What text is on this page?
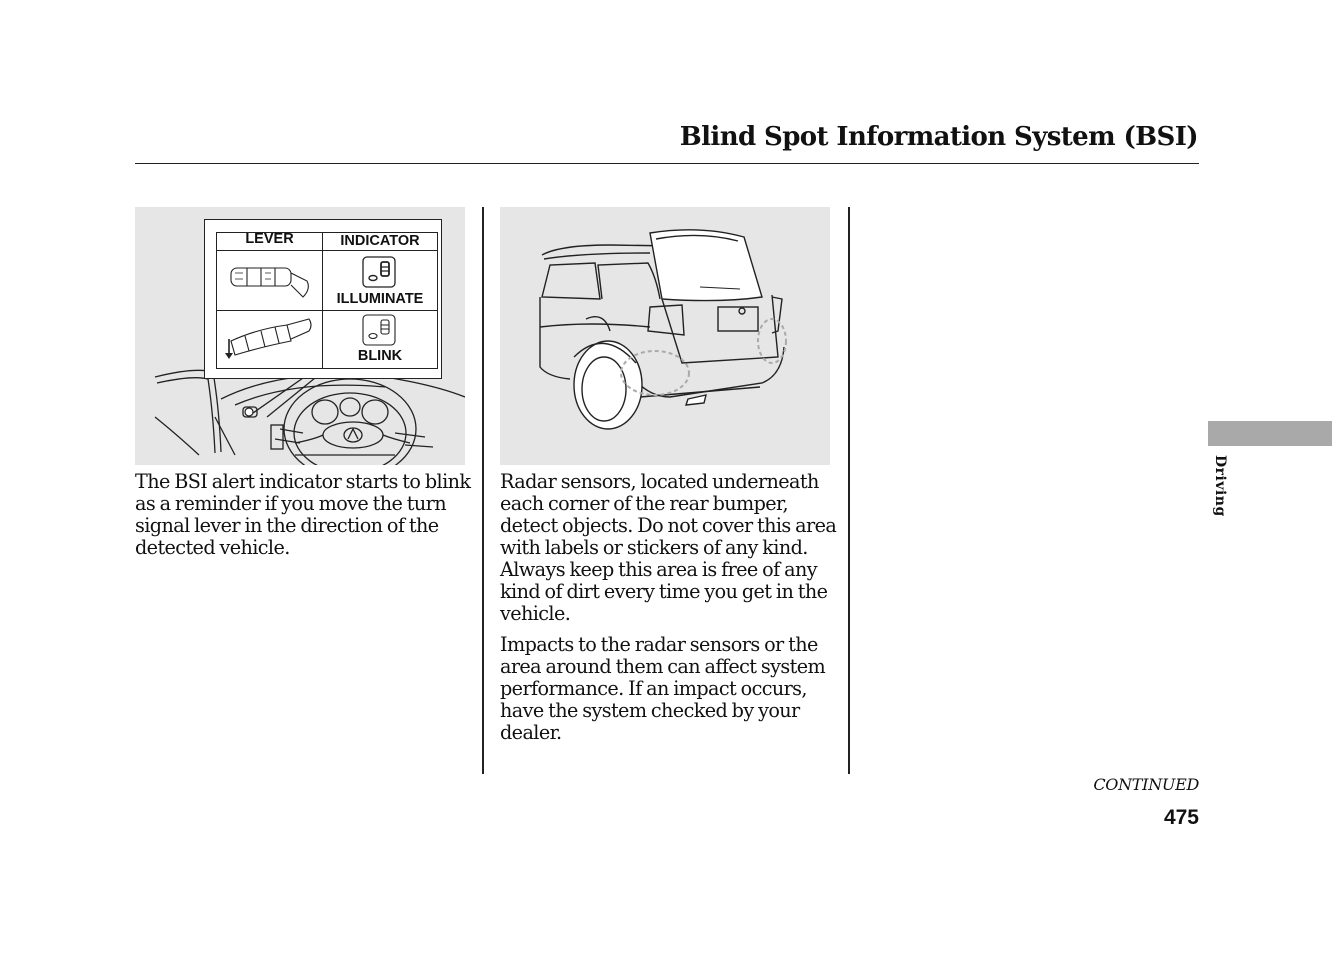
Blind Spot Information System (BSI)
LEVER	INDICATOR
ILLUMINATE
BLINK

The BSI alert indicator starts to blink
as a reminder if you move the turn
signal lever in the direction of the
detected vehicle.

Radar sensors, located underneath
each corner of the rear bumper,
detect objects. Do not cover this area
with labels or stickers of any kind.
Always keep this area is free of any
kind of dirt every time you get in the
vehicle.

Impacts to the radar sensors or the
area around them can affect system
performance. If an impact occurs,
have the system checked by your
dealer.

Driving
CONTINUED
475
